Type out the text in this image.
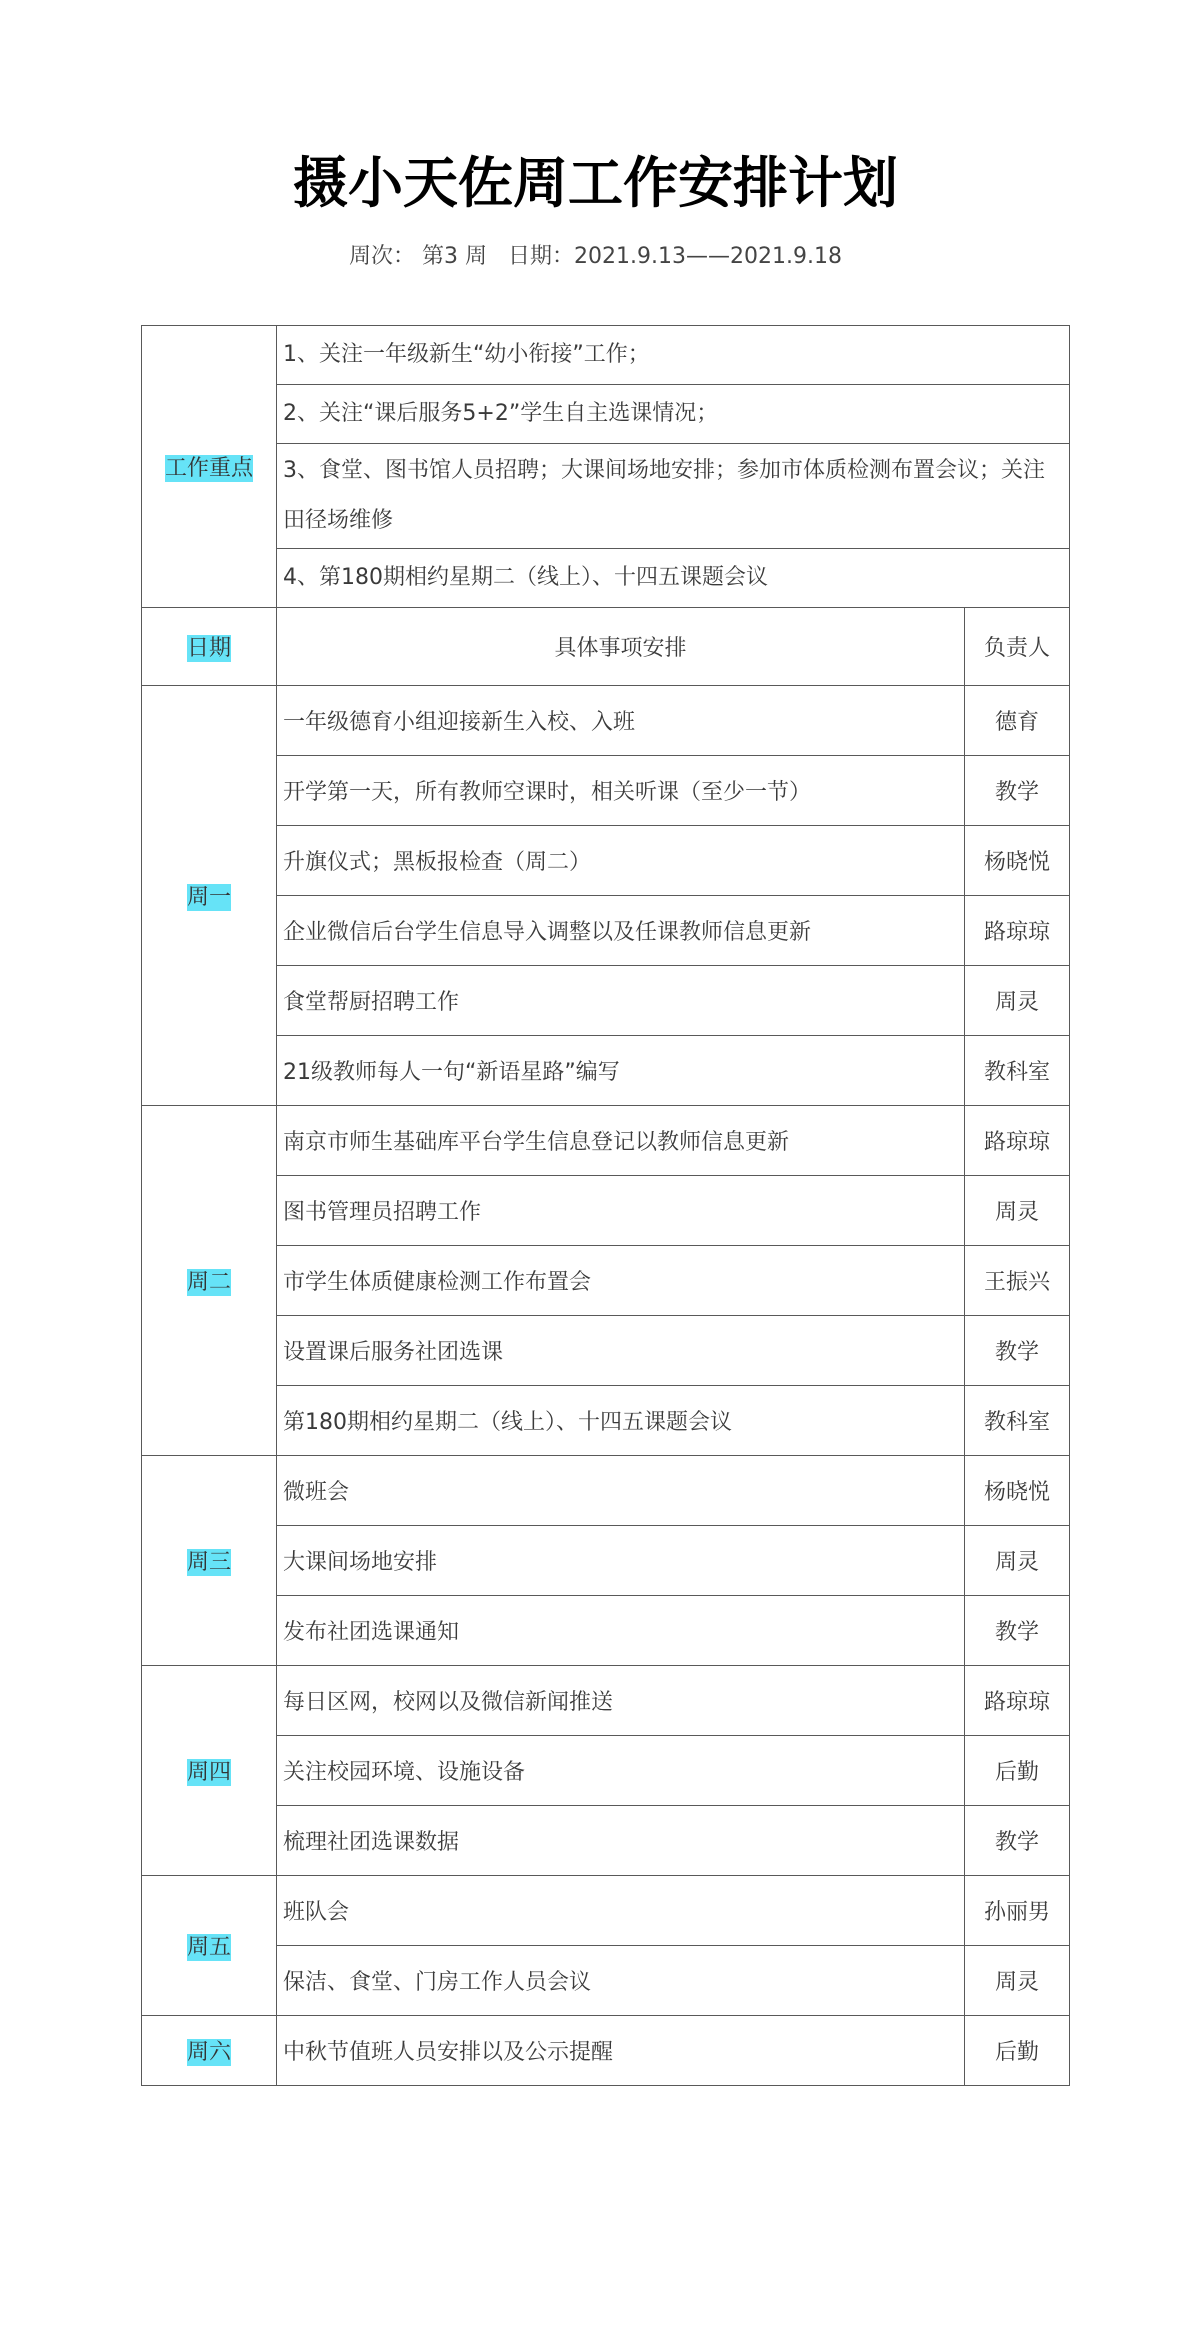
摄小天佐周工作安排计划
周次： 第3 周   日期：2021.9.13——2021.9.18
工作重点	1、关注一年级新生“幼小衔接”工作；	
	2、关注“课后服务5+2”学生自主选课情况；	
	3、食堂、图书馆人员招聘；大课间场地安排；参加市体质检测布置会议；关注田径场维修	
	4、第180期相约星期二（线上）、十四五课题会议	
日期	具体事项安排	负责人
周一	一年级德育小组迎接新生入校、入班	德育
	开学第一天，所有教师空课时，相关听课（至少一节）	教学
	升旗仪式；黑板报检查（周二）	杨晓悦
	企业微信后台学生信息导入调整以及任课教师信息更新	路琼琼
	食堂帮厨招聘工作	周灵
	21级教师每人一句“新语星路”编写	教科室
周二	南京市师生基础库平台学生信息登记以教师信息更新	路琼琼
	图书管理员招聘工作	周灵
	市学生体质健康检测工作布置会	王振兴
	设置课后服务社团选课	教学
	第180期相约星期二（线上）、十四五课题会议	教科室
周三	微班会	杨晓悦
	大课间场地安排	周灵
	发布社团选课通知	教学
周四	每日区网，校网以及微信新闻推送	路琼琼
	关注校园环境、设施设备	后勤
	梳理社团选课数据	教学
周五	班队会	孙丽男
	保洁、食堂、门房工作人员会议	周灵
周六	中秋节值班人员安排以及公示提醒	后勤
